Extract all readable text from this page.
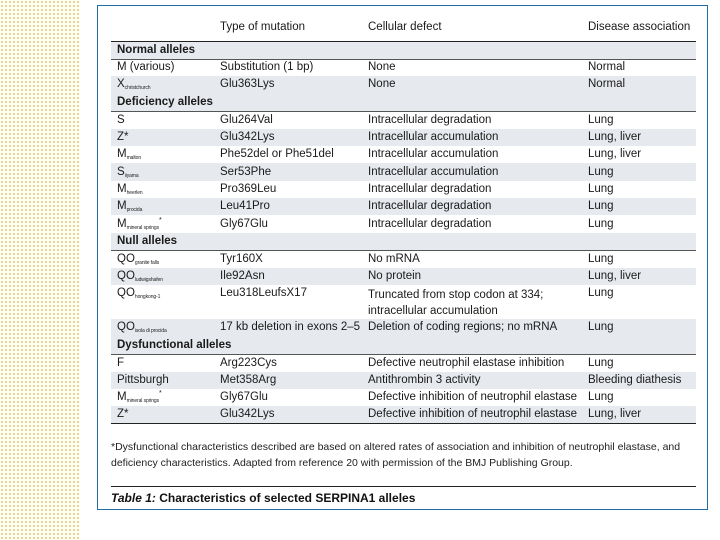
	Type of mutation	Cellular defect	Disease association
Normal alleles			
M (various)	Substitution (1 bp)	None	Normal
$X_{christchurch}$	Glu363Lys	None	Normal
Deficiency alleles			
S	Glu264Val	Intracellular degradation	Lung
Z*	Glu342Lys	Intracellular accumulation	Lung, liver
$M_{malton}$	Phe52del or Phe51del	Intracellular accumulation	Lung, liver
$S_{iiyama}$	Ser53Phe	Intracellular accumulation	Lung
$M_{heerlen}$	Pro369Leu	Intracellular degradation	Lung
$M_{procida}$	Leu41Pro	Intracellular degradation	Lung
$M_{mineral springs}^*$	Gly67Glu	Intracellular degradation	Lung
Null alleles			
$QO_{granite falls}$	Tyr160X	No mRNA	Lung
$QO_{ludwigshafen}$	Ile92Asn	No protein	Lung, liver
$QO_{hongkong-1}$	Leu318LeufsX17	Truncated from stop codon at 334; intracellular accumulation	Lung
$QO_{isola di procida}$	17 kb deletion in exons 2–5	Deletion of coding regions; no mRNA	Lung
Dysfunctional alleles			
F	Arg223Cys	Defective neutrophil elastase inhibition	Lung
Pittsburgh	Met358Arg	Antithrombin 3 activity	Bleeding diathesis
$M_{mineral springs}^*$	Gly67Glu	Defective inhibition of neutrophil elastase	Lung
Z*	Glu342Lys	Defective inhibition of neutrophil elastase	Lung, liver
*Dysfunctional characteristics described are based on altered rates of association and inhibition of neutrophil elastase, and deficiency characteristics. Adapted from reference 20 with permission of the BMJ Publishing Group.
Table 1: Characteristics of selected SERPINA1 alleles
